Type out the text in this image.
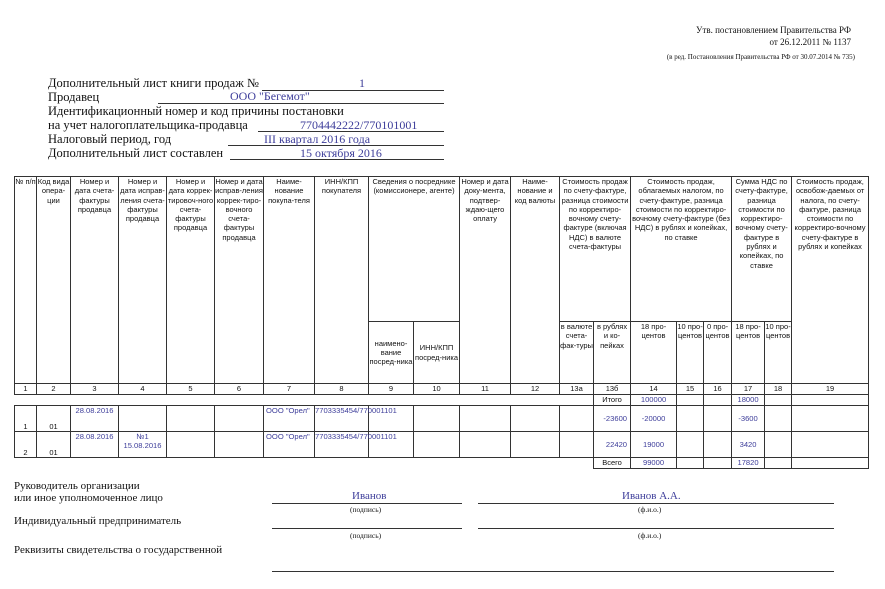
Утв. постановлением Правительства РФ
от 26.12.2011 № 1137
(в ред. Постановления Правительства РФ от 30.07.2014 № 735)
Дополнительный лист книги продаж №	1
Продавец	ООО "Бегемот"
Идентификационный номер и код причины постановки
на учет налогоплательщика-продавца	7704442222/770101001
Налоговый период, год	III квартал 2016 года
Дополнительный лист составлен	15 октября 2016
№ п/п	Код вида опера-ции	Номер и дата счета-фактуры продавца	Номер и дата исправ-ления счета-фактуры продавца	Номер и дата коррек-тировоч-ного счета-фактуры продавца	Номер и дата исправ-ления коррек-тиро-вочного счета-фактуры продавца	Наиме-нование покупа-теля	ИНН/КПП покупателя	Сведения о посреднике (комиссионере, агенте)		Номер и дата доку-мента, подтвер-ждаю-щего оплату	Наиме-нование и код валюты	Стоимость продаж по счету-фактуре, разница стоимости по корректиро-вочному счету-фактуре (включая НДС) в валюте счета-фактуры		Стоимость продаж, облагаемых налогом, по счету-фактуре, разница стоимости по корректиро-вочному счету-фактуре (без НДС) в рублях и копейках, по ставке			Сумма НДС по счету-фактуре, разница стоимости по корректиро-вочному счету-фактуре в рублях и копейках, по ставке		Стоимость продаж, освобож-даемых от налога, по счету-фактуре, разница стоимости по корректиро-вочному счету-фактуре в рублях и копейках
								наимено-вание посред-ника	ИНН/КПП посред-ника			в валюте счета-фак-туры	в рублях и ко-пейках	18 про-центов	10 про-центов	0 про-центов	18 про-центов	10 про-центов	
1	2	3	4	5	6	7	8	9	10	11	12	13а	13б	14	15	16	17	18	19
													Итого	100000			18000		
1	01	28.08.2016				ООО "Орел"	7703335454/770001101						-23600	-20000			-3600		
2	01	28.08.2016	№1
15.08.2016			ООО "Орел"	7703335454/770001101						22420	19000			3420		
													Всего	99000			17820		
Руководитель организации
или иное уполномоченное лицо	Иванов	Иванов А.А.
(подпись)	(ф.и.о.)
Индивидуальный предприниматель
(подпись)	(ф.и.о.)
Реквизиты свидетельства о государственной
